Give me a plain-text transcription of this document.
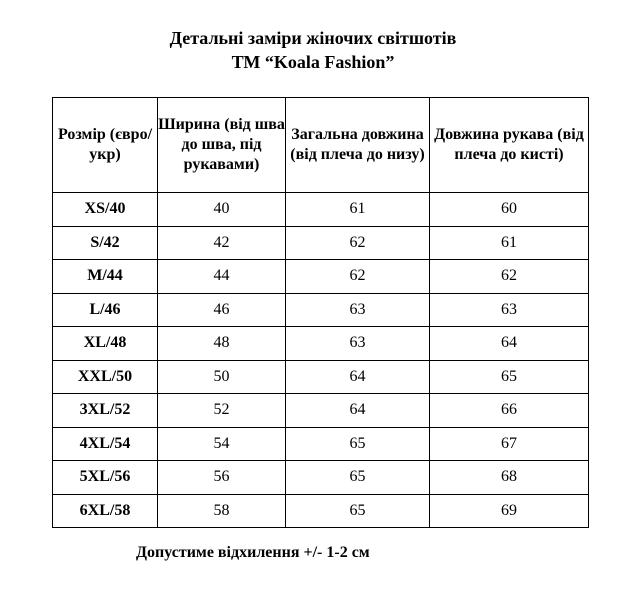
Детальні заміри жіночих світшотів
ТМ “Koala Fashion”
Розмір (євро/укр)	Ширина (від шва до шва, під рукавами)	Загальна довжина (від плеча до низу)	Довжина рукава (від плеча до кисті)
XS/40	40	61	60
S/42	42	62	61
M/44	44	62	62
L/46	46	63	63
XL/48	48	63	64
XXL/50	50	64	65
3XL/52	52	64	66
4XL/54	54	65	67
5XL/56	56	65	68
6XL/58	58	65	69
Допустиме відхилення +/- 1-2 см
